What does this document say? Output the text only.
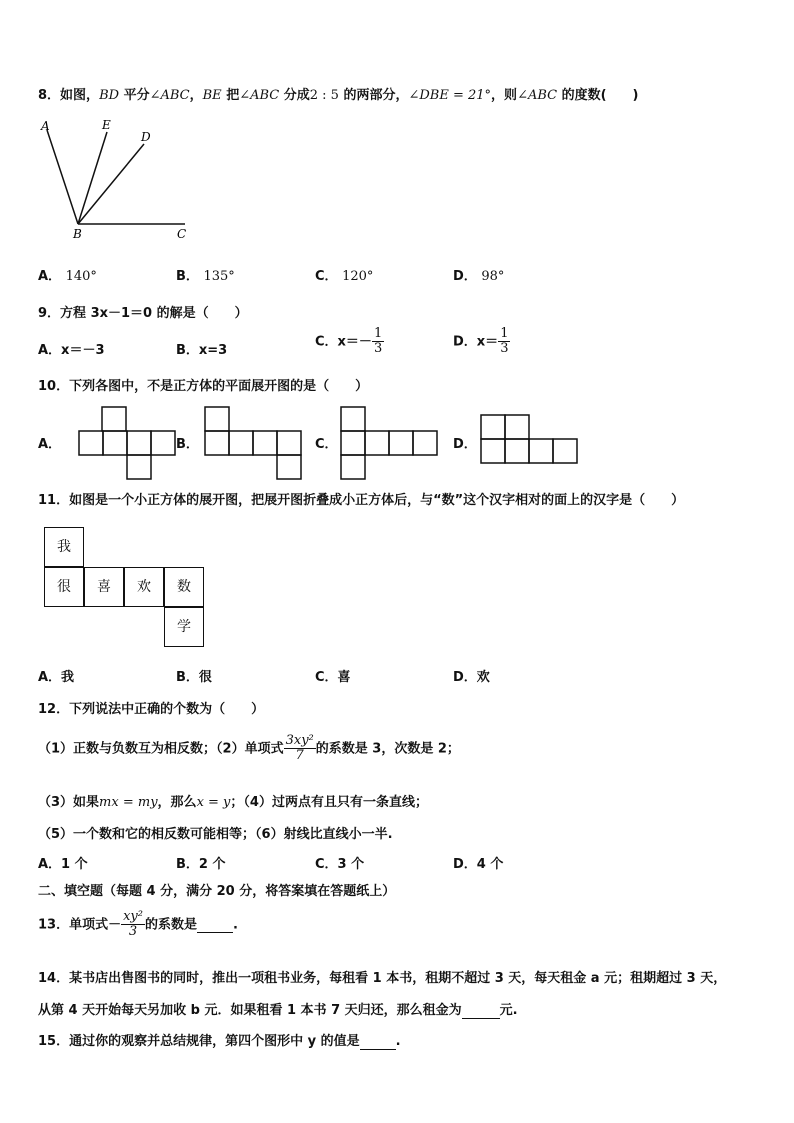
8．如图，BD 平分∠ABC，BE 把∠ABC 分成2 : 5 的两部分，∠DBE = 21°，则∠ABC 的度数(　　)
A	E
D
B	C
A． 140°	B． 135°	C． 120°	D． 98°
9．方程 3x－1＝0 的解是（　　）
A．x＝－3	B．x=3
C．$x=- \frac{1}{3}$	D．$x= \frac{1}{3}$
10．下列各图中，不是正方体的平面展开图的是（　　）
A．	B．	C．	D．
11．如图是一个小正方体的展开图，把展开图折叠成小正方体后，与“数”这个汉字相对的面上的汉字是（　　）
我
很	喜	欢	数
学
A．我	B．很	C．喜	D．欢
12．下列说法中正确的个数为（　　）
（1）正数与负数互为相反数；（2）单项式 $\frac{\text{3xy²}}{7}$ 的系数是 3，次数是 2；
（3）如果mx = my，那么x = y；（4）过两点有且只有一条直线；
（5）一个数和它的相反数可能相等；（6）射线比直线小一半.
A．1 个	B．2 个	C．3 个	D．4 个
二、填空题（每题 4 分，满分 20 分，将答案填在答题纸上）
13．单项式－ $\frac{\text{xy²}}{3}$ 的系数是	.
14．某书店出售图书的同时，推出一项租书业务，每租看 1 本书，租期不超过 3 天，每天租金 a 元；租期超过 3 天，
从第 4 天开始每天另加收 b 元．如果租看 1 本书 7 天归还，那么租金为	元.
15．通过你的观察并总结规律，第四个图形中 y 的值是	.
